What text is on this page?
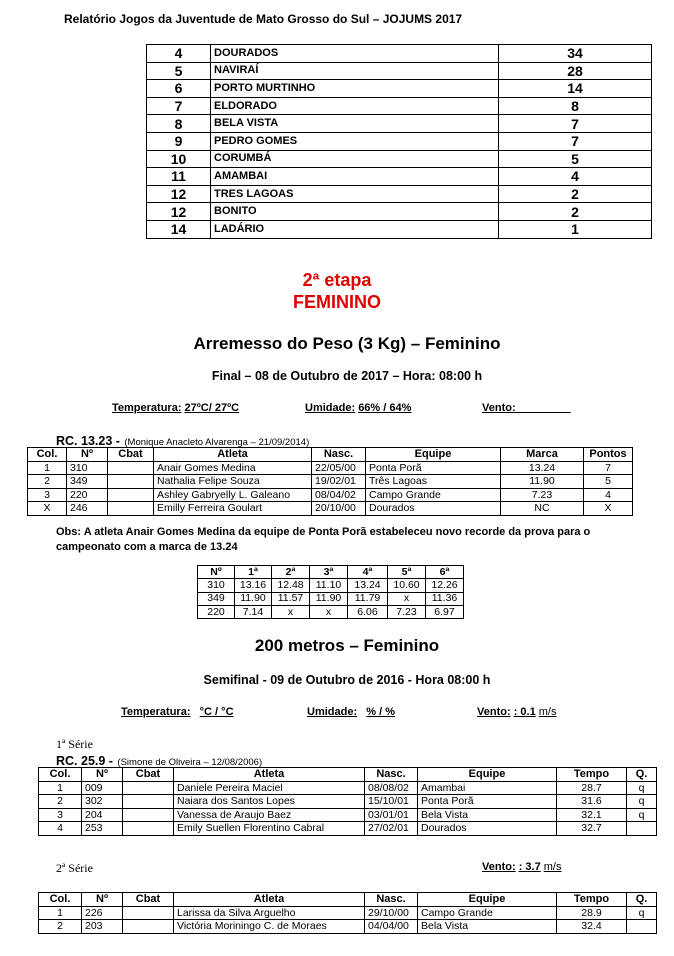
Relatório Jogos da Juventude de Mato Grosso do Sul – JOJUMS 2017
4	DOURADOS	34
5	NAVIRAÍ	28
6	PORTO MURTINHO	14
7	ELDORADO	8
8	BELA VISTA	7
9	PEDRO GOMES	7
10	CORUMBÁ	5
11	AMAMBAI	4
12	TRES LAGOAS	2
12	BONITO	2
14	LADÁRIO	1
2ª etapa
FEMININO
Arremesso do Peso (3 Kg) – Feminino
Final – 08 de Outubro de 2017 – Hora: 08:00 h
Temperatura: 27ºC/ 27ºC	Umidade: 66% / 64%	Vento:	_
RC. 13.23 - (Monique Anacleto Alvarenga – 21/09/2014)
Col.	Nº	Cbat	Atleta	Nasc.	Equipe	Marca	Pontos
1	310		Anair Gomes Medina	22/05/00	Ponta Porã	13.24	7
2	349		Nathalia Felipe Souza	19/02/01	Três Lagoas	11.90	5
3	220		Ashley Gabryelly L. Galeano	08/04/02	Campo Grande	7.23	4
X	246		Emilly Ferreira Goulart	20/10/00	Dourados	NC	X
Obs: A atleta Anair Gomes Medina da equipe de Ponta Porã estabeleceu novo recorde da prova para o
campeonato com a marca de 13.24
Nº	1ª	2ª	3ª	4ª	5ª	6ª
310	13.16	12.48	11.10	13.24	10.60	12.26
349	11.90	11.57	11.90	11.79	x	11.36
220	7.14	x	x	6.06	7.23	6.97
200 metros – Feminino
Semifinal - 09 de Outubro de 2016 - Hora 08:00 h
Temperatura: °C / °C	Umidade: % / %	Vento: : 0.1 m/s
1ª Série
RC. 25.9 - (Simone de Oliveira – 12/08/2006)
Col.	Nº	Cbat	Atleta	Nasc.	Equipe	Tempo	Q.
1	009		Daniele Pereira Maciel	08/08/02	Amambai	28.7	q
2	302		Naiara dos Santos Lopes	15/10/01	Ponta Porã	31.6	q
3	204		Vanessa de Araujo Baez	03/01/01	Bela Vista	32.1	q
4	253		Emily Suellen Florentino Cabral	27/02/01	Dourados	32.7	
2ª Série	Vento: : 3.7 m/s
Col.	Nº	Cbat	Atleta	Nasc.	Equipe	Tempo	Q.
1	226		Larissa da Silva Arguelho	29/10/00	Campo Grande	28.9	q
2	203		Victória Moriningo C. de Moraes	04/04/00	Bela Vista	32.4	
